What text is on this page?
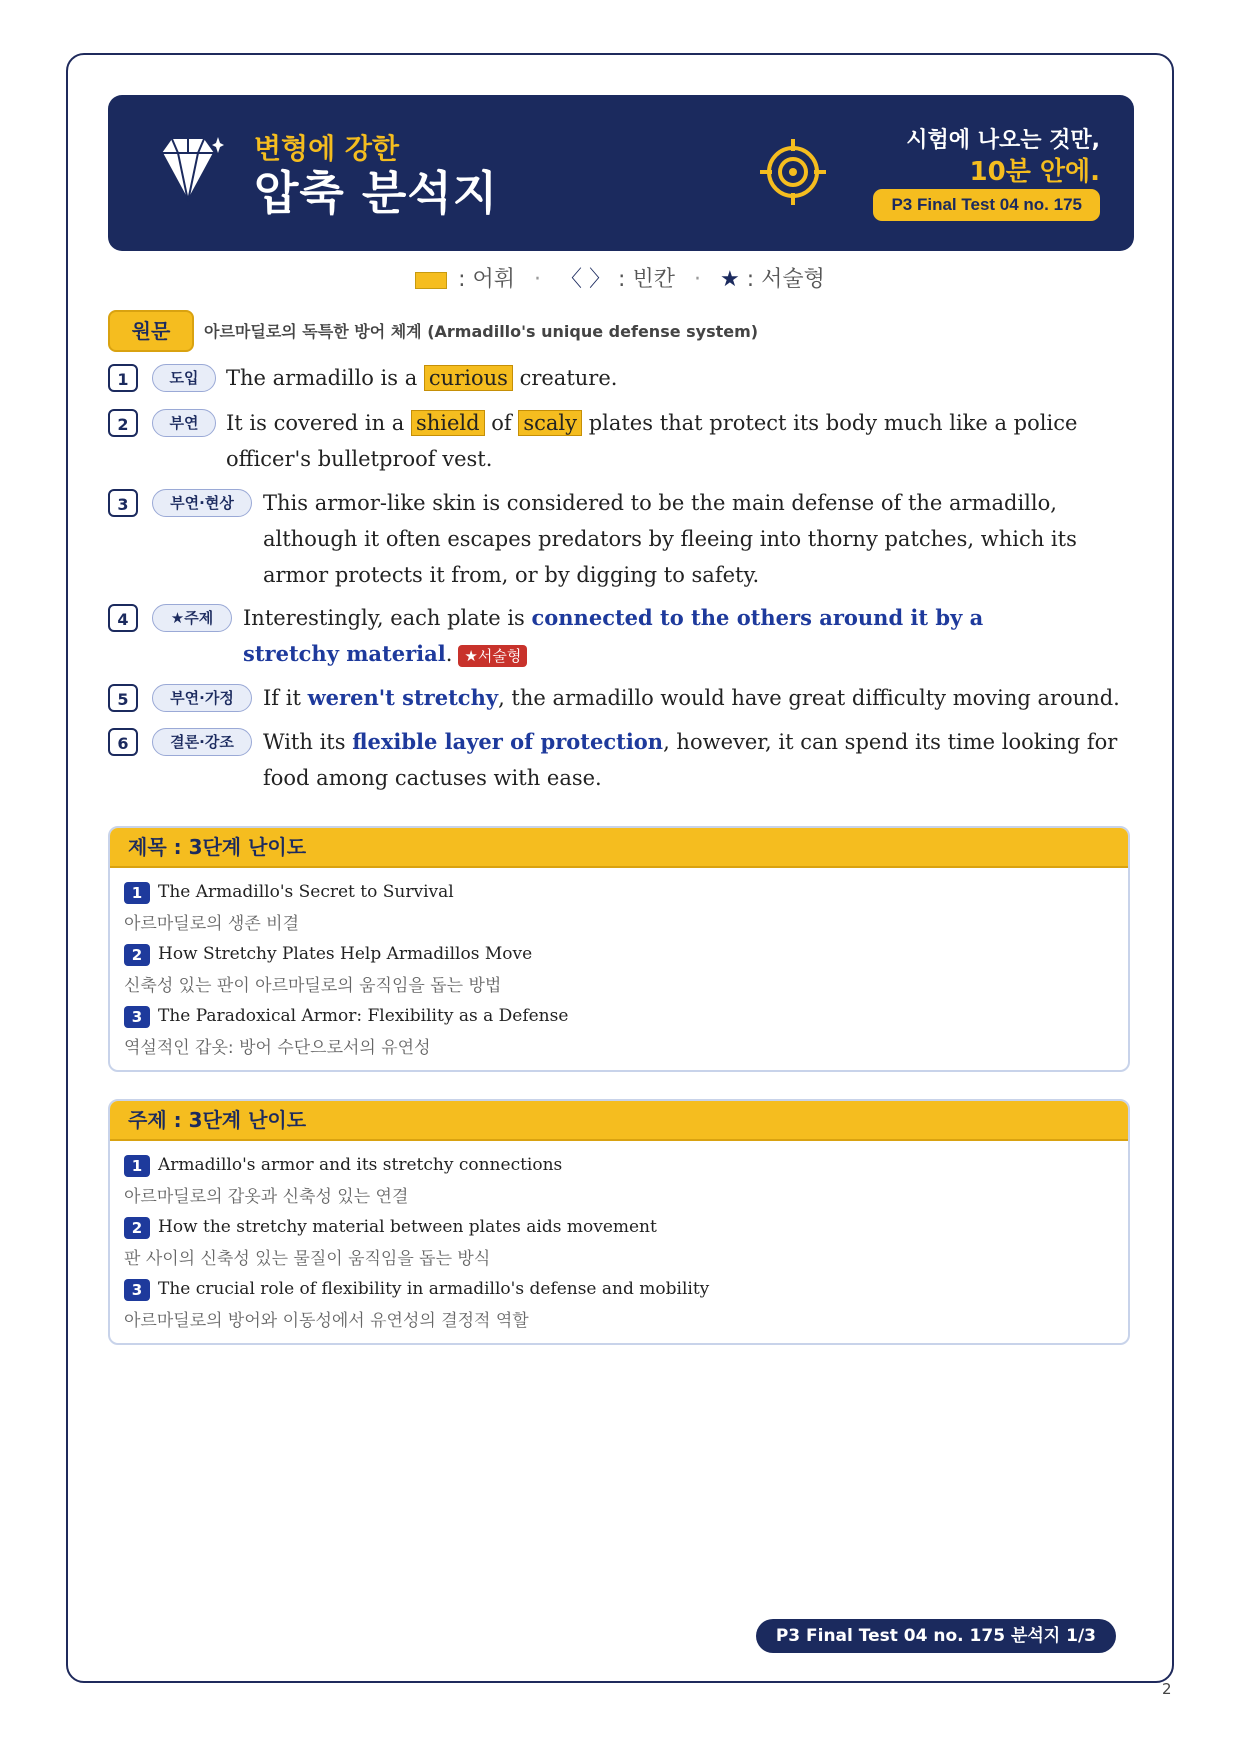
변형에 강한
압축 분석지
시험에 나오는 것만,
10분 안에.
P3 Final Test 04 no. 175
: 어휘 · 〈 〉 : 빈칸 · ★ : 서술형
원문	아르마딜로의 독특한 방어 체계 (Armadillo's unique defense system)
1	도입	The armadillo is a curious creature.
2	부연	It is covered in a shield of scaly plates that protect its body much like a police officer's bulletproof vest.
3	부연·현상	This armor-like skin is considered to be the main defense of the armadillo, although it often escapes predators by fleeing into thorny patches, which its armor protects it from, or by digging to safety.
4	★주제	Interestingly, each plate is connected to the others around it by a stretchy material. ★서술형
5	부연·가정	If it weren't stretchy, the armadillo would have great difficulty moving around.
6	결론·강조	With its flexible layer of protection, however, it can spend its time looking for food among cactuses with ease.
제목 : 3단계 난이도
1 The Armadillo's Secret to Survival
아르마딜로의 생존 비결
2 How Stretchy Plates Help Armadillos Move
신축성 있는 판이 아르마딜로의 움직임을 돕는 방법
3 The Paradoxical Armor: Flexibility as a Defense
역설적인 갑옷: 방어 수단으로서의 유연성
주제 : 3단계 난이도
1 Armadillo's armor and its stretchy connections
아르마딜로의 갑옷과 신축성 있는 연결
2 How the stretchy material between plates aids movement
판 사이의 신축성 있는 물질이 움직임을 돕는 방식
3 The crucial role of flexibility in armadillo's defense and mobility
아르마딜로의 방어와 이동성에서 유연성의 결정적 역할
P3 Final Test 04 no. 175 분석지 1/3
2
